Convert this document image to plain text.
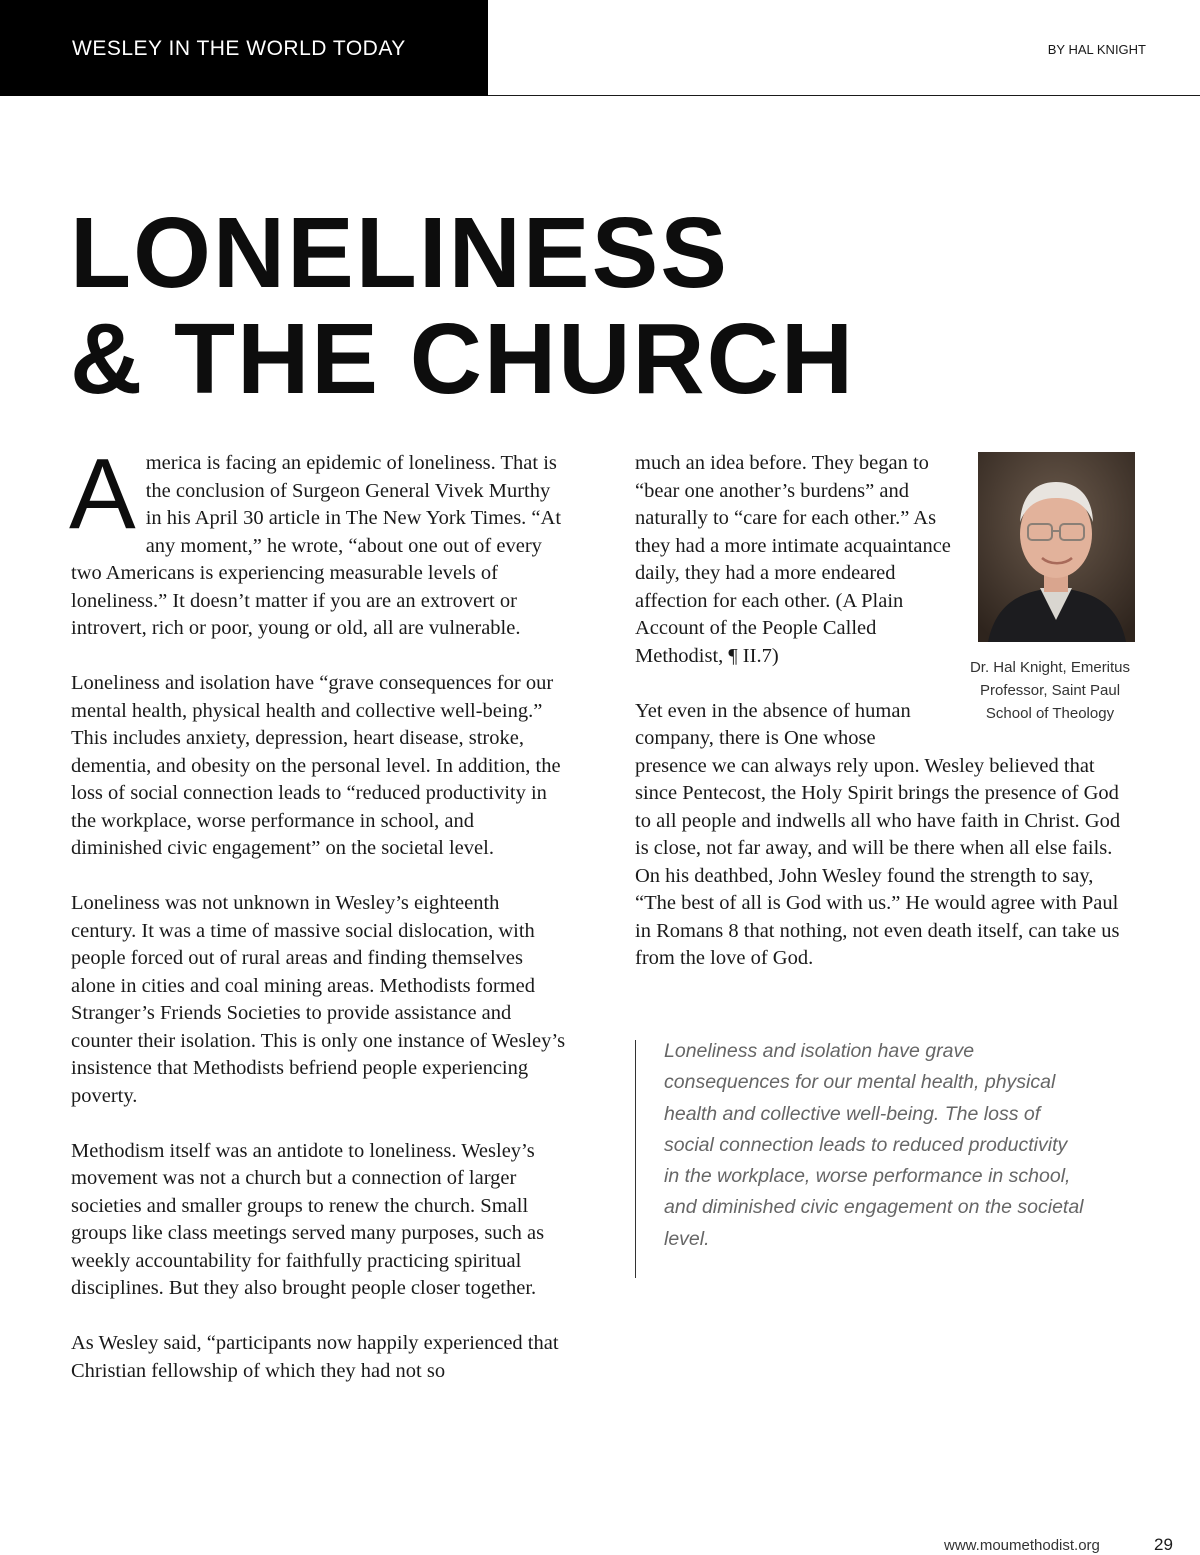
WESLEY IN THE WORLD TODAY	BY HAL KNIGHT
LONELINESS
& THE CHURCH

America is facing an epidemic of loneliness. That is the conclusion of Surgeon General Vivek Murthy in his April 30 article in The New York Times. “At any moment,” he wrote, “about one out of every two Americans is experiencing measurable levels of loneliness.” It doesn’t matter if you are an extrovert or introvert, rich or poor, young or old, all are vulnerable.

Loneliness and isolation have “grave consequences for our mental health, physical health and collective well-being.” This includes anxiety, depression, heart disease, stroke, dementia, and obesity on the personal level. In addition, the loss of social connection leads to “reduced productivity in the workplace, worse performance in school, and diminished civic engagement” on the societal level.

Loneliness was not unknown in Wesley’s eighteenth century. It was a time of massive social dislocation, with people forced out of rural areas and finding themselves alone in cities and coal mining areas. Methodists formed Stranger’s Friends Societies to provide assistance and counter their isolation. This is only one instance of Wesley’s insistence that Methodists befriend people experiencing poverty.

Methodism itself was an antidote to loneliness. Wesley’s movement was not a church but a connection of larger societies and smaller groups to renew the church. Small groups like class meetings served many purposes, such as weekly accountability for faithfully practicing spiritual disciplines. But they also brought people closer together.

As Wesley said, “participants now happily experienced that Christian fellowship of which they had not so

Dr. Hal Knight, Emeritus Professor, Saint Paul School of Theology

much an idea before. They began to “bear one another’s burdens” and naturally to “care for each other.” As they had a more intimate acquaintance daily, they had a more endeared affection for each other. (A Plain Account of the People Called Methodist, ¶ II.7)

Yet even in the absence of human company, there is One whose presence we can always rely upon. Wesley believed that since Pentecost, the Holy Spirit brings the presence of God to all people and indwells all who have faith in Christ. God is close, not far away, and will be there when all else fails. On his deathbed, John Wesley found the strength to say, “The best of all is God with us.” He would agree with Paul in Romans 8 that nothing, not even death itself, can take us from the love of God.

Loneliness and isolation have grave consequences for our mental health, physical health and collective well-being. The loss of social connection leads to reduced productivity in the workplace, worse performance in school, and diminished civic engagement on the societal level.
www.moumethodist.org	29
